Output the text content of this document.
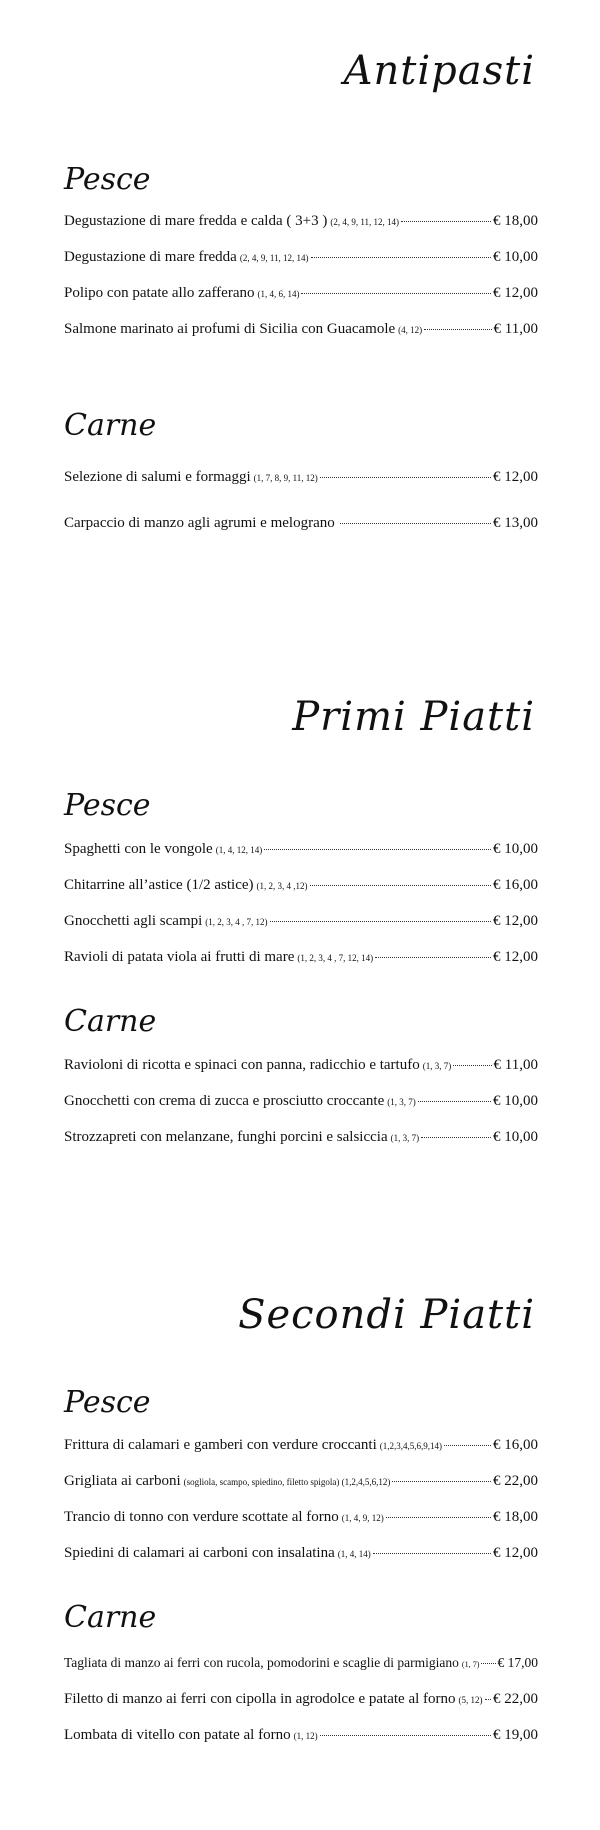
Antipasti
Pesce
Degustazione di mare fredda e calda ( 3+3 ) (2, 4, 9, 11, 12, 14)	€ 18,00
Degustazione di mare fredda (2, 4, 9, 11, 12, 14)	€ 10,00
Polipo con patate allo zafferano (1, 4, 6, 14)	€ 12,00
Salmone marinato ai profumi di Sicilia con Guacamole (4, 12)	€ 11,00
Carne
Selezione di salumi e formaggi (1, 7, 8, 9, 11, 12)	€ 12,00
Carpaccio di manzo agli agrumi e melograno	€ 13,00
Primi Piatti
Pesce
Spaghetti con le vongole (1, 4, 12, 14)	€ 10,00
Chitarrine all’astice (1/2 astice) (1, 2, 3, 4 ,12)	€ 16,00
Gnocchetti agli scampi (1, 2, 3, 4 , 7, 12)	€ 12,00
Ravioli di patata viola ai frutti di mare (1, 2, 3, 4 , 7, 12, 14)	€ 12,00
Carne
Ravioloni di ricotta e spinaci con panna, radicchio e tartufo (1, 3, 7)	€ 11,00
Gnocchetti con crema di zucca e prosciutto croccante (1, 3, 7)	€ 10,00
Strozzapreti con melanzane, funghi porcini e salsiccia (1, 3, 7)	€ 10,00
Secondi Piatti
Pesce
Frittura di calamari e gamberi con verdure croccanti (1,2,3,4,5,6,9,14)	€ 16,00
Grigliata ai carboni (sogliola, scampo, spiedino, filetto spigola) (1,2,4,5,6,12)	€ 22,00
Trancio di tonno con verdure scottate al forno (1, 4, 9, 12)	€ 18,00
Spiedini di calamari ai carboni con insalatina (1, 4, 14)	€ 12,00
Carne
Tagliata di manzo ai ferri con rucola, pomodorini e scaglie di parmigiano (1, 7) € 17,00
Filetto di manzo ai ferri con cipolla in agrodolce e patate al forno (5, 12) € 22,00
Lombata di vitello con patate al forno (1, 12)	€ 19,00
